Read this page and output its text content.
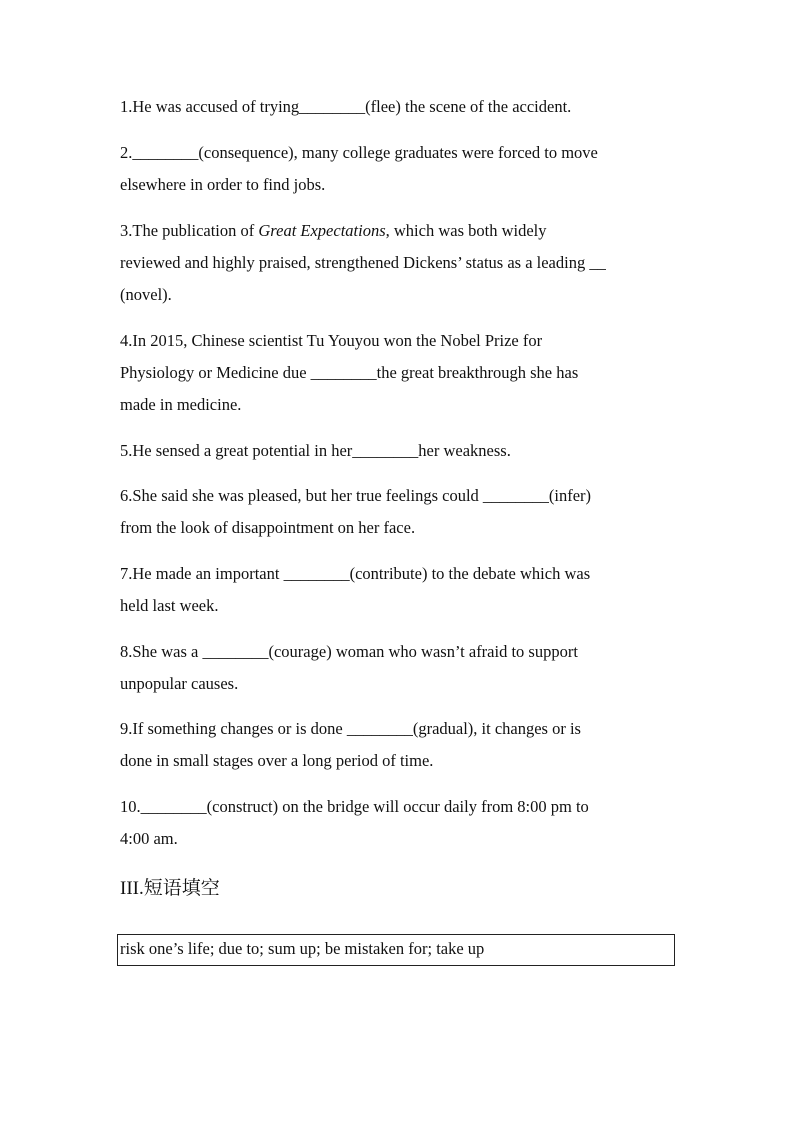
1.He was accused of trying________(flee) the scene of the accident.
2.________(consequence), many college graduates were forced to move
elsewhere in order to find jobs.
3.The publication of Great Expectations, which was both widely
reviewed and highly praised, strengthened Dickens’ status as a leading __
(novel).
4.In 2015, Chinese scientist Tu Youyou won the Nobel Prize for
Physiology or Medicine due ________the great breakthrough she has
made in medicine.
5.He sensed a great potential in her________her weakness.
6.She said she was pleased, but her true feelings could ________(infer)
from the look of disappointment on her face.
7.He made an important ________(contribute) to the debate which was
held last week.
8.She was a ________(courage) woman who wasn’t afraid to support
unpopular causes.
9.If something changes or is done ________(gradual), it changes or is
done in small stages over a long period of time.
10.________(construct) on the bridge will occur daily from 8:00 pm to
4:00 am.
III.短语填空
risk one’s life; due to; sum up; be mistaken for; take up
